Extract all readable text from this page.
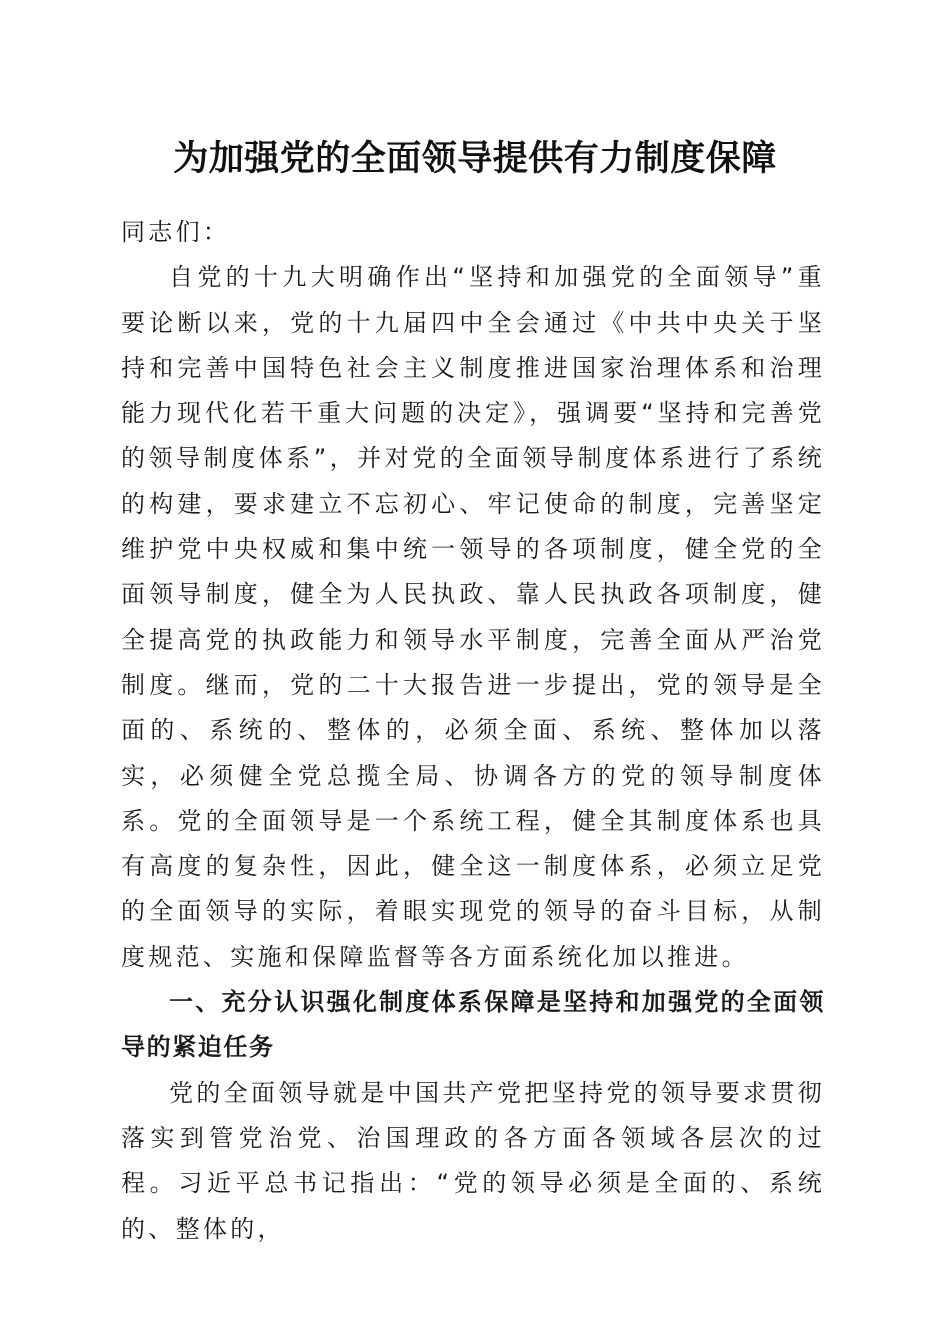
为加强党的全面领导提供有力制度保障

同志们：

自党的十九大明确作出“坚持和加强党的全面领导”重要论断以来，党的十九届四中全会通过《中共中央关于坚持和完善中国特色社会主义制度推进国家治理体系和治理能力现代化若干重大问题的决定》，强调要“坚持和完善党的领导制度体系”，并对党的全面领导制度体系进行了系统的构建，要求建立不忘初心、牢记使命的制度，完善坚定维护党中央权威和集中统一领导的各项制度，健全党的全面领导制度，健全为人民执政、靠人民执政各项制度，健全提高党的执政能力和领导水平制度，完善全面从严治党制度。继而，党的二十大报告进一步提出，党的领导是全面的、系统的、整体的，必须全面、系统、整体加以落实，必须健全党总揽全局、协调各方的党的领导制度体系。党的全面领导是一个系统工程，健全其制度体系也具有高度的复杂性，因此，健全这一制度体系，必须立足党的全面领导的实际，着眼实现党的领导的奋斗目标，从制度规范、实施和保障监督等各方面系统化加以推进。

一、充分认识强化制度体系保障是坚持和加强党的全面领导的紧迫任务

党的全面领导就是中国共产党把坚持党的领导要求贯彻落实到管党治党、治国理政的各方面各领域各层次的过程。习近平总书记指出：“党的领导必须是全面的、系统的、整体的，
